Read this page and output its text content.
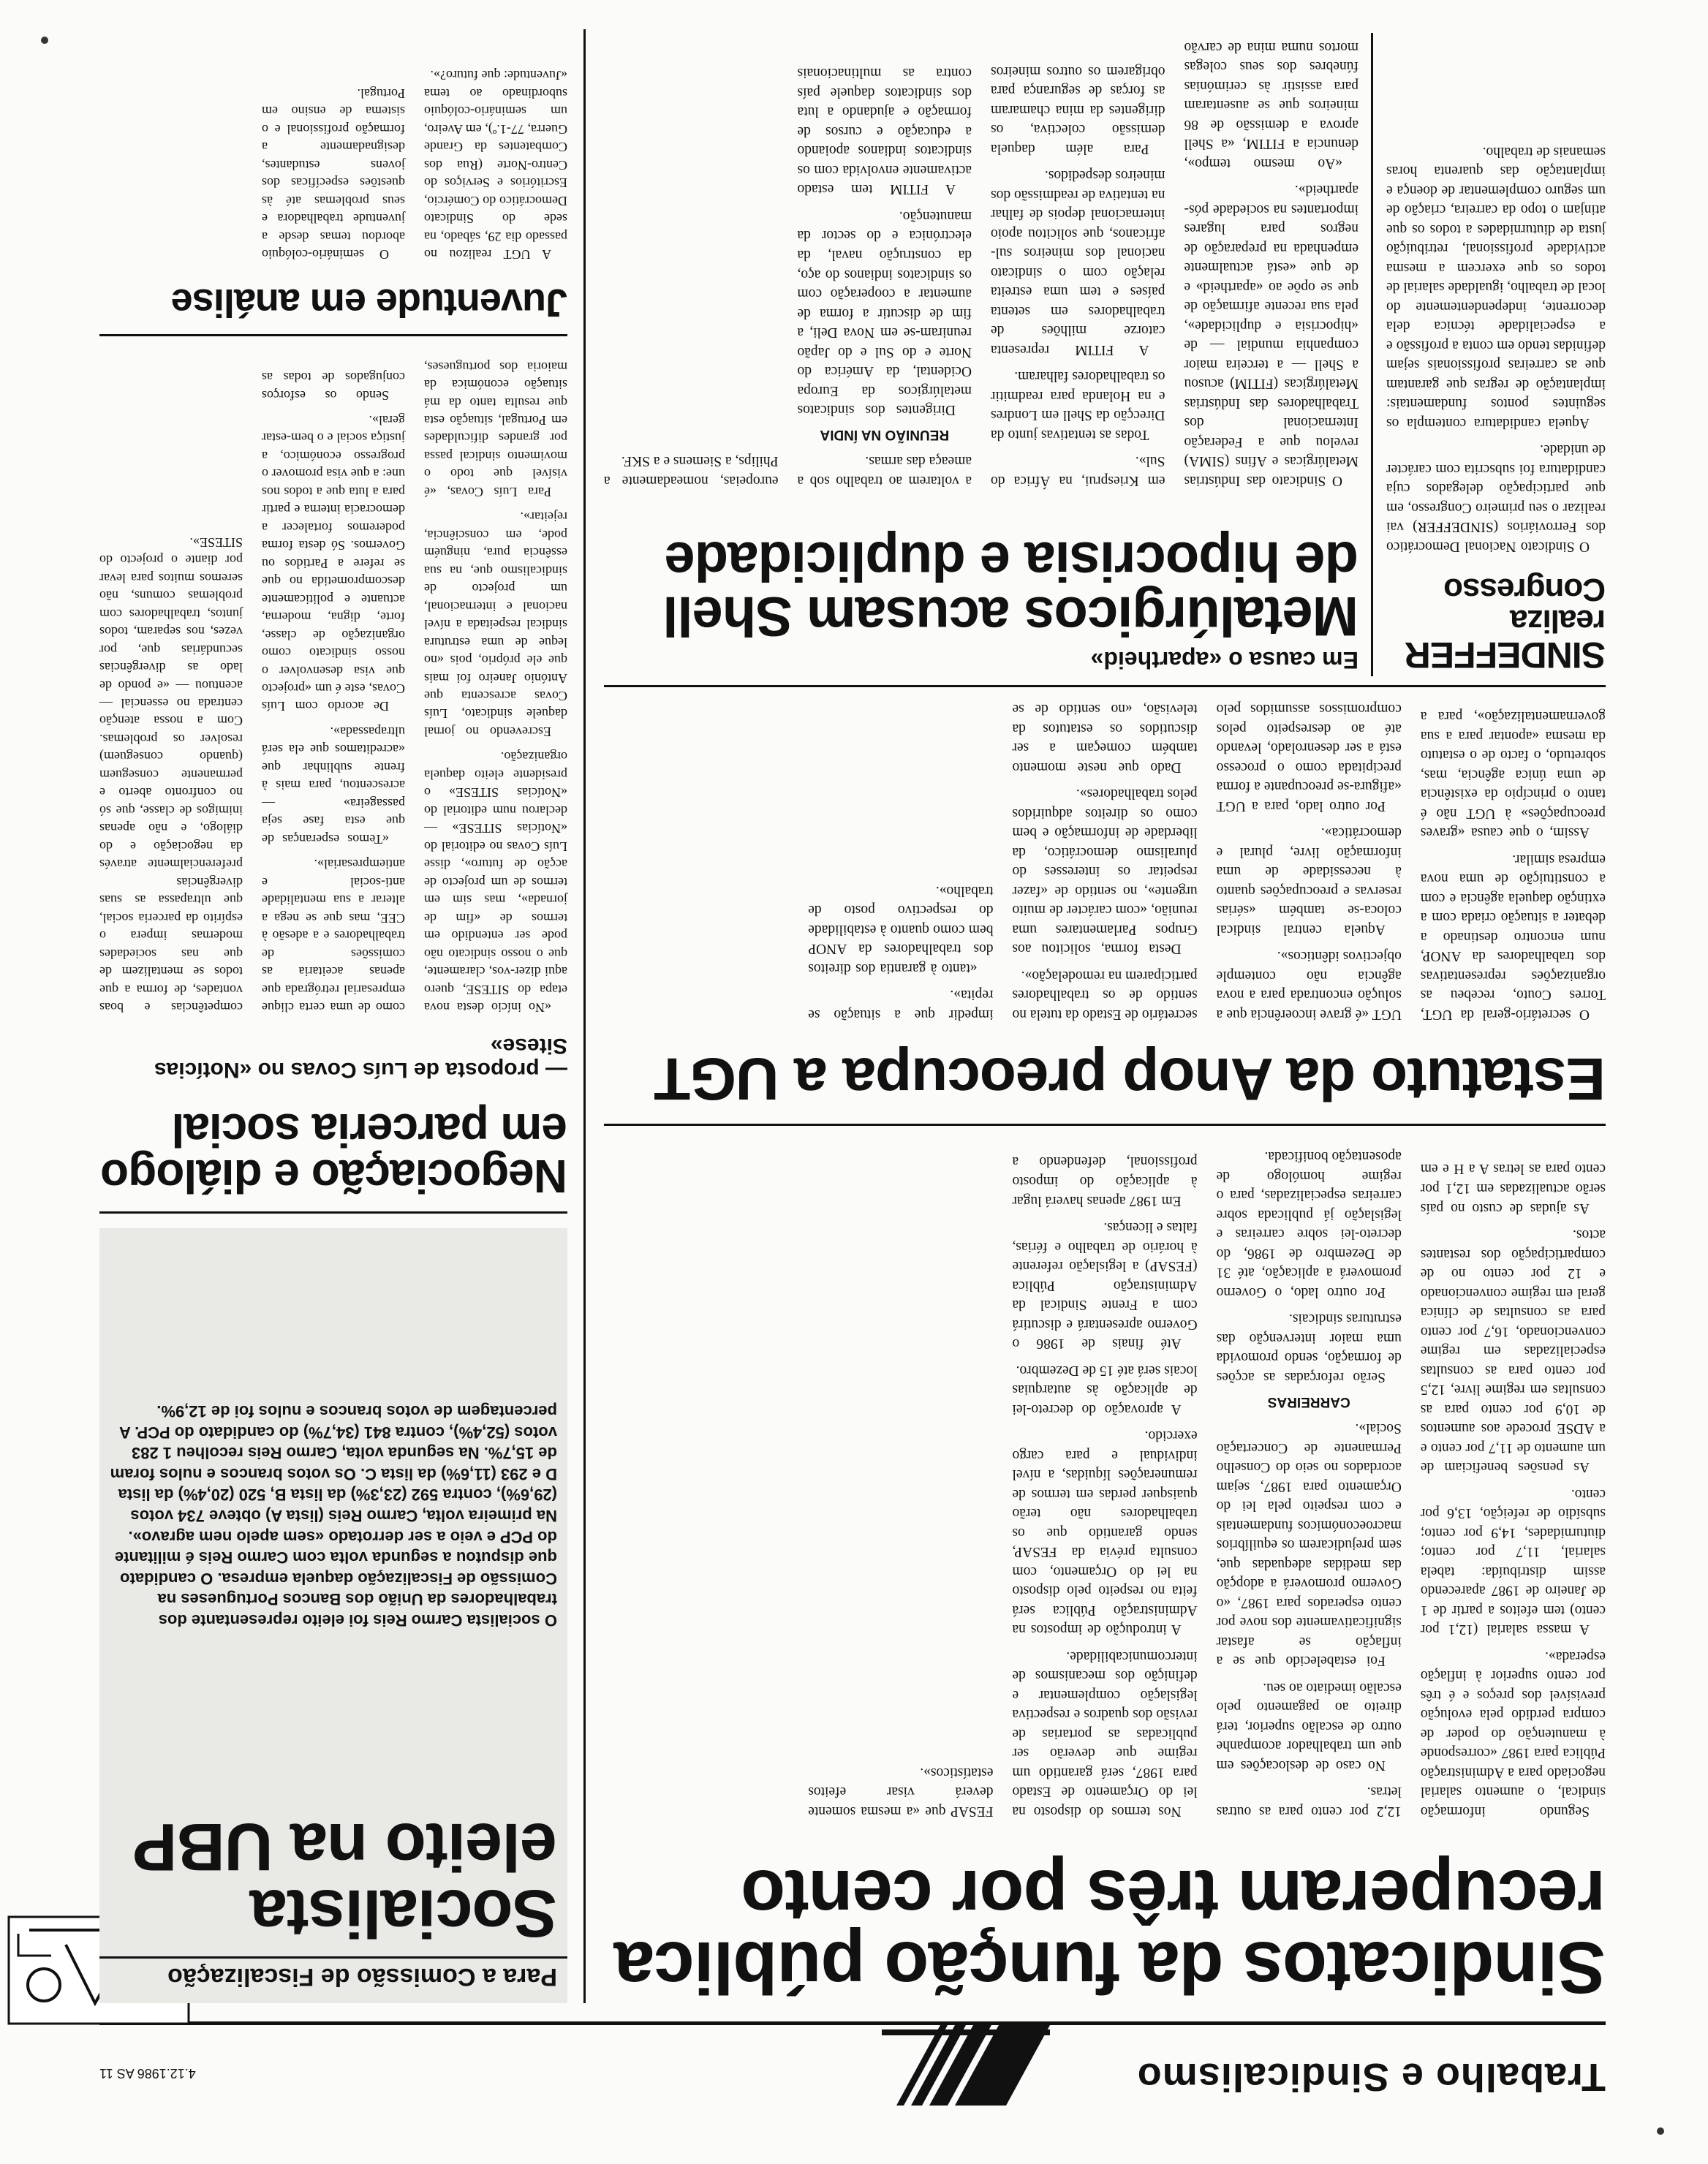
Trabalho e Sindicalismo
4.12.1986 AS 11
Sindicatos da função pública recuperam três por cento

Segundo informação sindical, o aumento salarial negociado para a Administração Pública para 1987 «corresponde à manutenção do poder de compra perdido pela evolução previsível dos preços e é três por cento superior à inflação esperada».

A massa salarial (12,1 por cento) tem efeitos a partir de 1 de Janeiro de 1987 aparecendo assim distribuída: tabela salarial, 11,7 por cento; diuturnidades, 14,9 por cento; subsídio de refeição, 13,6 por cento.

As pensões beneficiam de um aumento de 11,7 por cento e a ADSE procede aos aumentos de 10,9 por cento para as consultas em regime livre, 12,5 por cento para as consultas especializadas em regime convencionado, 16,7 por cento para as consultas de clínica geral em regime convencionado e 12 por cento no de comparticipação dos restantes actos.

As ajudas de custo no país serão actualizadas em 12,1 por cento para as letras A a H e em 12,2 por cento para as outras letras.

No caso de deslocações em que um trabalhador acompanhe outro de escalão superior, terá direito ao pagamento pelo escalão imediato ao seu.

Foi estabelecido que se a inflação se afastar significativamente dos nove por cento esperados para 1987, «o Governo promoverá a adopção das medidas adequadas que, sem prejudicarem os equilíbrios macroeconómicos fundamentais e com respeito pela lei do Orçamento para 1987, sejam acordados no seio do Conselho Permanente de Concertação Social».

CARREIRAS

Serão reforçadas as acções de formação, sendo promovida uma maior intervenção das estruturas sindicais.

Por outro lado, o Governo promoverá a aplicação, até 31 de Dezembro de 1986, do decreto-lei sobre carreiras e legislação já publicada sobre carreiras especializadas, para o regime homólogo de aposentação bonificada.

Nos termos do disposto na lei do Orçamento de Estado para 1987, será garantido um regime que deverão ser publicadas as portarias de revisão dos quadros e respectiva legislação complementar e definição dos mecanismos de intercomunicabilidade.

A introdução de impostos na Administração Pública será feita no respeito pelo disposto na lei do Orçamento, com consulta prévia da FESAP, sendo garantido que os trabalhadores não terão quaisquer perdas em termos de remunerações líquidas, a nível individual e para cargo exercido.

A aprovação do decreto-lei de aplicação às autarquias locais será até 15 de Dezembro.

Até finais de 1986 o Governo apresentará e discutirá com a Frente Sindical da Administração Pública (FESAP) a legislação referente à horário de trabalho e férias, faltas e licenças.

Em 1987 apenas haverá lugar à aplicação do imposto profissional, defendendo a FESAP que «a mesma somente deverá visar efeitos estatísticos».

Estatuto da Anop preocupa a UGT

O secretário-geral da UGT, Torres Couto, recebeu as organizações representativas dos trabalhadores da ANOP, num encontro destinado a debater a situação criada com a extinção daquela agência e com a constituição de uma nova empresa similar.

Assim, o que causa «graves preocupações» à UGT não é tanto o princípio da existência de uma única agência, mas, sobretudo, o facto de o estatuto da mesma «apontar para a sua governamentalização», para a UGT «é grave incoerência que a solução encontrada para a nova agência não contemple objectivos idênticos».

Aquela central sindical coloca-se também «sérias reservas e preocupações quanto à necessidade de uma informação livre, plural e democrática».

Por outro lado, para a UGT «afigura-se preocupante a forma precipitada como o processo está a ser desenrolado, levando até ao desrespeito pelos compromissos assumidos pelo secretário de Estado da tutela no sentido de os trabalhadores participarem na remodelação».

Desta forma, solicitou aos Grupos Parlamentares uma reunião, «com carácter de muito urgente», no sentido de «fazer respeitar os interesses do pluralismo democrático, da liberdade de informação e bem como os direitos adquiridos pelos trabalhadores».

Dado que neste momento também começam a ser discutidos os estatutos da televisão, «no sentido de se impedir que a situação se repita».

«tanto à garantia dos direitos dos trabalhadores da ANOP bem como quanto à estabilidade do respectivo posto de trabalho».

SINDEFFER
realiza Congresso

O Sindicato Nacional Democrático dos Ferroviários (SINDEFFER) vai realizar o seu primeiro Congresso, em que participação delegados cuja candidatura foi subscrita com carácter de unidade.

Aquela candidatura contempla os seguintes pontos fundamentais: implantação de regras que garantam que as carreiras profissionais sejam definidas tendo em conta a profissão e a especialidade técnica dela decorrente, independentemente do local de trabalho, igualdade salarial de todos os que exercem a mesma actividade profissional, retribuição justa de diuturnidades a todos os que atinjam o topo da carreira, criação de um seguro complementar de doença e implantação das quarenta horas semanais de trabalho.

Em causa o «apartheid»
Metalúrgicos acusam Shell de hipocrisia e duplicidade

O Sindicato das Indústrias Metalúrgicas e Afins (SIMA) revelou que a Federação Internacional dos Trabalhadores das Indústrias Metalúrgicas (FITIM) acusou a Shell — a terceira maior companhia mundial — de «hipocrisia e duplicidade», pela sua recente afirmação de que se opõe ao «apartheid» e de que «está actualmente empenhada na preparação de negros para lugares importantes na sociedade pós-apartheid».

«Ao mesmo tempo», denuncia a FITIM, «a Shell aprova a demissão de 86 mineiros que se ausentaram para assistir às cerimónias fúnebres dos seus colegas mortos numa mina de carvão em Kriesprui, na África do Sul».

Todas as tentativas junto da Direcção da Shell em Londres e na Holanda para readmitir os trabalhadores falharam.

A FITIM representa catorze milhões de trabalhadores em setenta países e tem uma estreita relação com o sindicato nacional dos mineiros sul-africanos, que solicitou apoio internacional depois de falhar na tentativa de readmissão dos mineiros despedidos.

Para além daquela demissão colectiva, os dirigentes da mina chamaram as forças de segurança para obrigarem os outros mineiros a voltarem ao trabalho sob a ameaça das armas.

REUNIÃO NA ÍNDIA

Dirigentes dos sindicatos metalúrgicos da Europa Ocidental, da América do Norte e do Sul e do Japão reuniram-se em Nova Deli, a fim de discutir a forma de aumentar a cooperação com os sindicatos indianos do aço, da construção naval, da electrónica e do sector da manutenção.

A FITIM tem estado activamente envolvida com os sindicatos indianos apoiando a educação e cursos de formação e ajudando a luta dos sindicatos daquele país contra as multinacionais europeias, nomeadamente a Philips, a Siemens e a SKF.

Para a Comissão de Fiscalização
Socialista eleito na UBP
O socialista Carmo Reis foi eleito representante dos trabalhadores da União dos Bancos Portugueses na Comissão de Fiscalização daquela empresa. O candidato que disputou a segunda volta com Carmo Reis é militante do PCP e veio a ser derrotado «sem apelo nem agravo». Na primeira volta, Carmo Reis (lista A) obteve 734 votos (29,6%), contra 592 (23,3%) da lista B, 520 (20,4%) da lista D e 293 (11,6%) da lista C. Os votos brancos e nulos foram de 15,7%. Na segunda volta, Carmo Reis recolheu 1 283 votos (52,4%), contra 841 (34,7%) do candidato do PCP. A percentagem de votos brancos e nulos foi de 12,9%.
Negociação e diálogo em parceria social
— proposta de Luís Covas no «Notícias Sitese»

«No início desta nova etapa do SITESE, quero aqui dizer-vos, claramente, que o nosso sindicato não pode ser entendido em termos de «fim de jornada», mas sim em termos de um projecto de acção de futuro», disse Luís Covas no editorial do «Notícias SITESE» — declarou num editorial do «Notícias SITESE» o presidente eleito daquela organização.

Escrevendo no jornal daquele sindicato, Luís Covas acrescenta que António Janeiro foi mais que ele próprio, pois «no leque de uma estrutura sindical respeitada a nível nacional e internacional, um projecto de sindicalismo que, na sua essência pura, ninguém pode, em consciência, rejeitar».

Para Luís Covas, «é visível que todo o movimento sindical passa por grandes dificuldades em Portugal, situação esta que resulta tanto da má situação económica da maioria dos portugueses, como de uma certa clique empresarial retrógrada que apenas aceitaria as comissões de trabalhadores e a adesão à CEE, mas que se nega a alterar a sua mentalidade anti-social e antiempresarial».

«Temos esperanças de que esta fase seja passageira» — acrescentou, para mais à frente sublinhar que «acreditamos que ela será ultrapassada».

De acordo com Luís Covas, este é um «projecto que visa desenvolver o nosso sindicato como organização de classe, forte, digna, moderna, actuante e politicamente descomprometida no que se refere a Partidos ou Governos. Só desta forma poderemos fortalecer a democracia interna e partir para a luta que a todos nos une: a que visa promover o progresso económico, a justiça social e o bem-estar geral».

Sendo os esforços conjugados de todas as competências e boas vontades, de forma a que todos se mentalizem de que nas sociedades modernas impera o espírito da parceria social, que ultrapassa as suas divergências preferencialmente através da negociação e do diálogo, e não apenas inimigos de classe, que só no confronto aberto e permanente conseguem (quando conseguem) resolver os problemas. Com a nossa atenção centrada no essencial — acentuou — «e pondo de lado as divergências secundárias que, por vezes, nos separam, todos juntos, trabalhadores com problemas comuns, não seremos muitos para levar por diante o projecto do SITESE».

Juventude em análise

A UGT realizou no passado dia 29, sábado, na sede do Sindicato Democrático do Comércio, Escritórios e Serviços do Centro-Norte (Rua dos Combatentes da Grande Guerra, 77-1.º), em Aveiro, um seminário-colóquio subordinado ao tema «Juventude: que futuro?».

O seminário-colóquio abordou temas desde a juventude trabalhadora e seus problemas até às questões específicas dos jovens estudantes, designadamente a formação profissional e o sistema de ensino em Portugal.
